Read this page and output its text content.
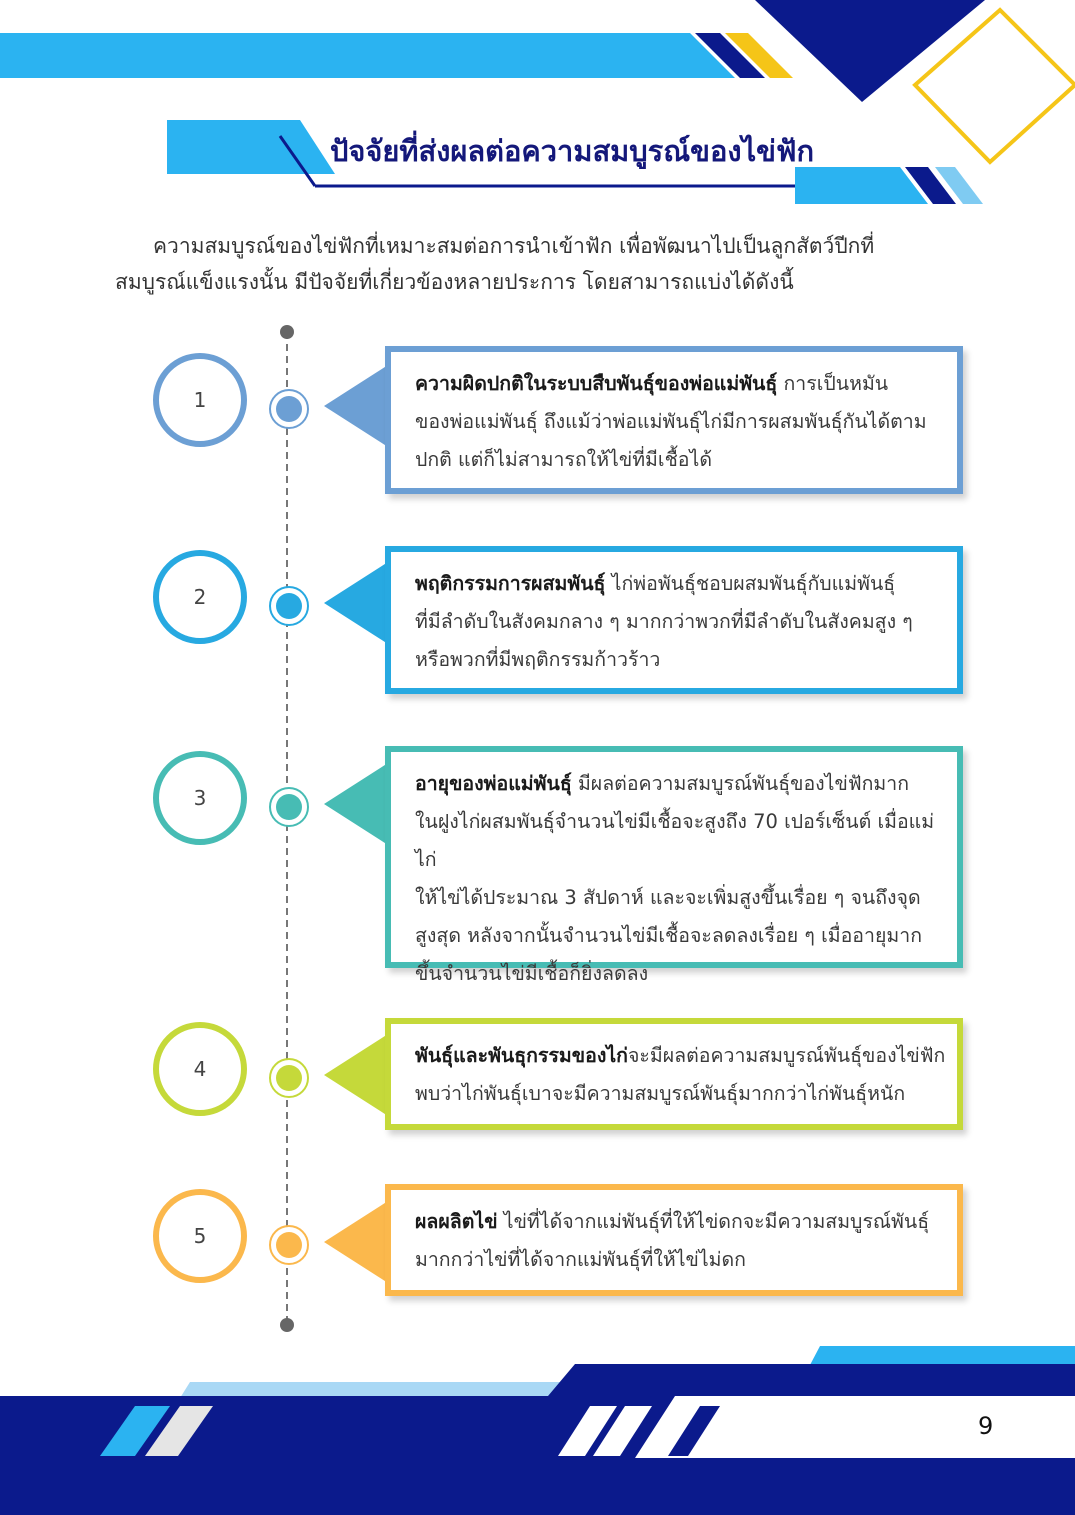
ปัจจัยที่ส่งผลต่อความสมบูรณ์ของไข่ฟัก
ความสมบูรณ์ของไข่ฟักที่เหมาะสมต่อการนำเข้าฟัก เพื่อพัฒนาไปเป็นลูกสัตว์ปีกที่
สมบูรณ์แข็งแรงนั้น มีปัจจัยที่เกี่ยวข้องหลายประการ โดยสามารถแบ่งได้ดังนี้
1
ความผิดปกติในระบบสืบพันธุ์ของพ่อแม่พันธุ์ การเป็นหมัน
ของพ่อแม่พันธุ์ ถึงแม้ว่าพ่อแม่พันธุ์ไก่มีการผสมพันธุ์กันได้ตาม
ปกติ แต่ก็ไม่สามารถให้ไข่ที่มีเชื้อได้
2
พฤติกรรมการผสมพันธุ์ ไก่พ่อพันธุ์ชอบผสมพันธุ์กับแม่พันธุ์
ที่มีลำดับในสังคมกลาง ๆ มากกว่าพวกที่มีลำดับในสังคมสูง ๆ
หรือพวกที่มีพฤติกรรมก้าวร้าว
3
อายุของพ่อแม่พันธุ์ มีผลต่อความสมบูรณ์พันธุ์ของไข่ฟักมาก
ในฝูงไก่ผสมพันธุ์จำนวนไข่มีเชื้อจะสูงถึง 70 เปอร์เซ็นต์ เมื่อแม่ไก่
ให้ไข่ได้ประมาณ 3 สัปดาห์ และจะเพิ่มสูงขึ้นเรื่อย ๆ จนถึงจุด
สูงสุด หลังจากนั้นจำนวนไข่มีเชื้อจะลดลงเรื่อย ๆ เมื่ออายุมาก
ขึ้นจำนวนไข่มีเชื้อก็ยิ่งลดลง
4
พันธุ์และพันธุกรรมของไก่จะมีผลต่อความสมบูรณ์พันธุ์ของไข่ฟัก
พบว่าไก่พันธุ์เบาจะมีความสมบูรณ์พันธุ์มากกว่าไก่พันธุ์หนัก
5
ผลผลิตไข่ ไข่ที่ได้จากแม่พันธุ์ที่ให้ไข่ดกจะมีความสมบูรณ์พันธุ์
มากกว่าไข่ที่ได้จากแม่พันธุ์ที่ให้ไข่ไม่ดก
9
